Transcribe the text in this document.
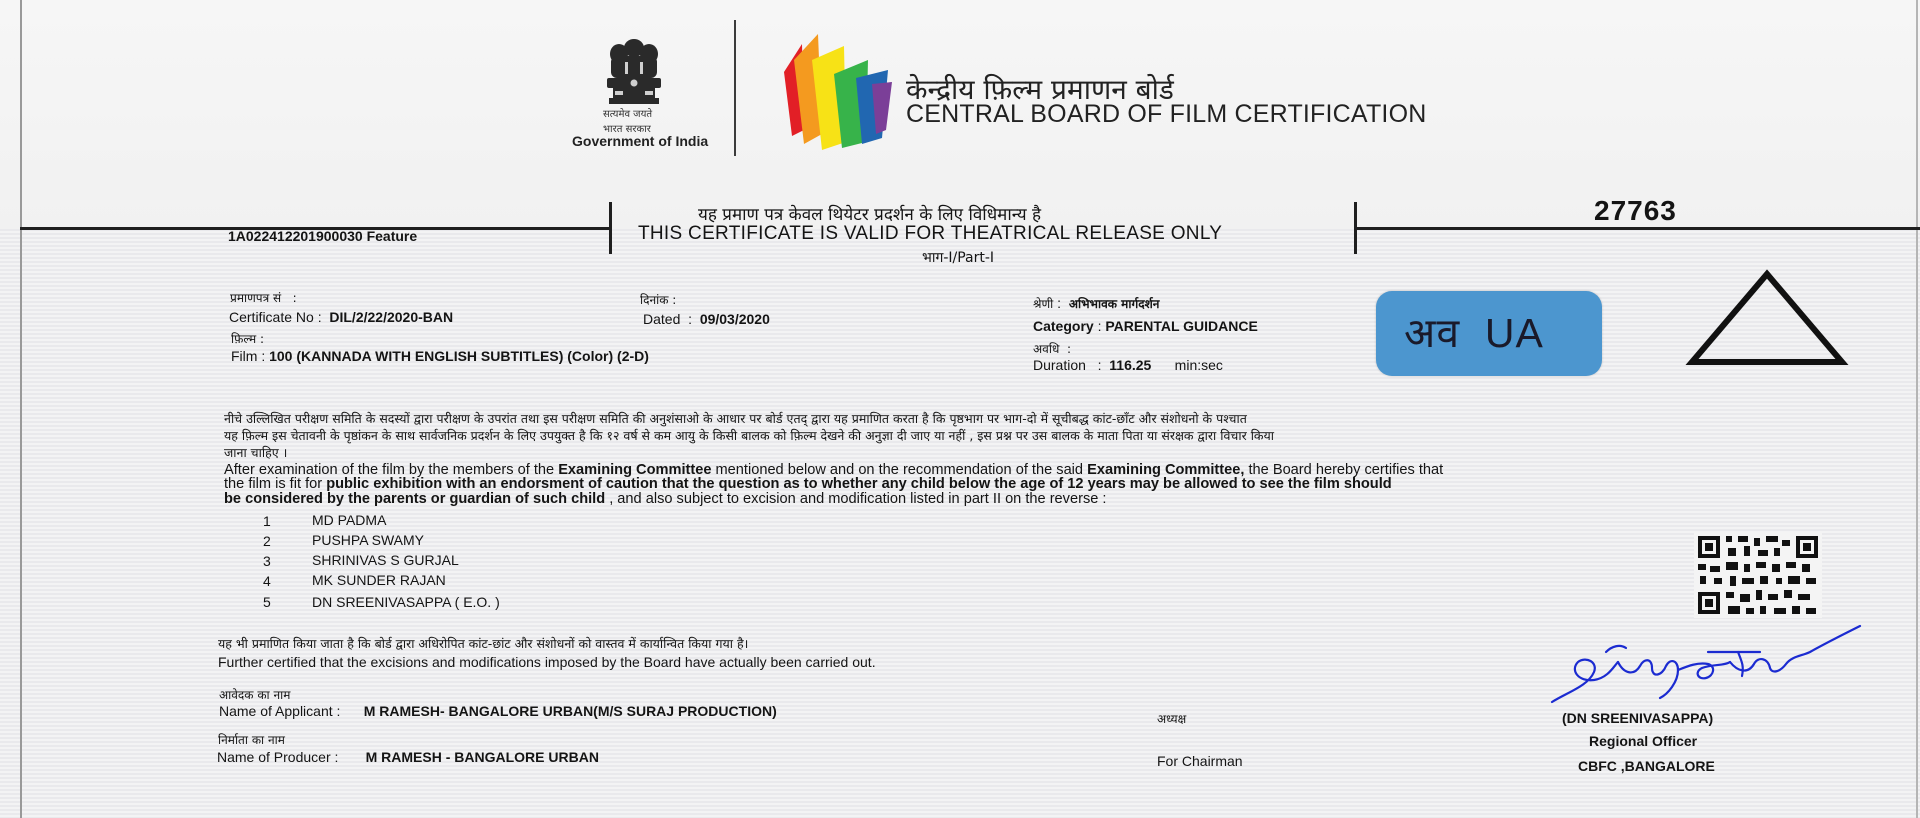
सत्यमेव जयते
भारत सरकार
Government of India
केन्द्रीय फ़िल्म प्रमाणन बोर्ड
CENTRAL BOARD OF FILM CERTIFICATION
यह प्रमाण पत्र केवल थियेटर प्रदर्शन के लिए विधिमान्य है
THIS CERTIFICATE IS VALID FOR THEATRICAL RELEASE ONLY
भाग-I/Part-I
27763
1A022412201900030 Feature
प्रमाणपत्र सं   :
Certificate No :  DIL/2/22/2020-BAN
दिनांक :
Dated  :  09/03/2020
फ़िल्म :
Film : 100 (KANNADA WITH ENGLISH SUBTITLES) (Color) (2-D)
श्रेणी :  अभिभावक मार्गदर्शन
Category : PARENTAL GUIDANCE
अवधि  :
Duration   :  116.25 min:sec
अव UA
नीचे उल्लिखित परीक्षण समिति के सदस्यों द्वारा परीक्षण के उपरांत तथा इस परीक्षण समिति की अनुशंसाओ के आधार पर बोर्ड एतद् द्वारा यह प्रमाणित करता है कि पृष्ठभाग पर भाग-दो में सूचीबद्ध कांट-छाँट और संशोधनो के पश्चात
यह फ़िल्म इस चेतावनी के पृष्ठांकन के साथ सार्वजनिक प्रदर्शन के लिए उपयुक्त है कि १२ वर्ष से कम आयु के किसी बालक को फ़िल्म देखने की अनुज्ञा दी जाए या नहीं , इस प्रश्न पर उस बालक के माता पिता या संरक्षक द्वारा विचार किया
जाना चाहिए ।
After examination of the film by the members of the Examining Committee mentioned below and on the recommendation of the said Examining Committee, the Board hereby certifies that
the film is fit for public exhibition with an endorsment of caution that the question as to whether any child below the age of 12 years may be allowed to see the film should
be considered by the parents or guardian of such child , and also subject to excision and modification listed in part II on the reverse :
1	MD PADMA
2	PUSHPA SWAMY
3	SHRINIVAS S GURJAL
4	MK SUNDER RAJAN
5	DN SREENIVASAPPA ( E.O. )
यह भी प्रमाणित किया जाता है कि बोर्ड द्वारा अधिरोपित कांट-छांट और संशोधनों को वास्तव में कार्यान्वित किया गया है।
Further certified that the excisions and modifications imposed by the Board have actually been carried out.
आवेदक का नाम
Name of Applicant :      M RAMESH- BANGALORE URBAN(M/S SURAJ PRODUCTION)
निर्माता का नाम
Name of Producer :       M RAMESH - BANGALORE URBAN
अध्यक्ष
For Chairman
(DN SREENIVASAPPA)
Regional Officer
CBFC ,BANGALORE
